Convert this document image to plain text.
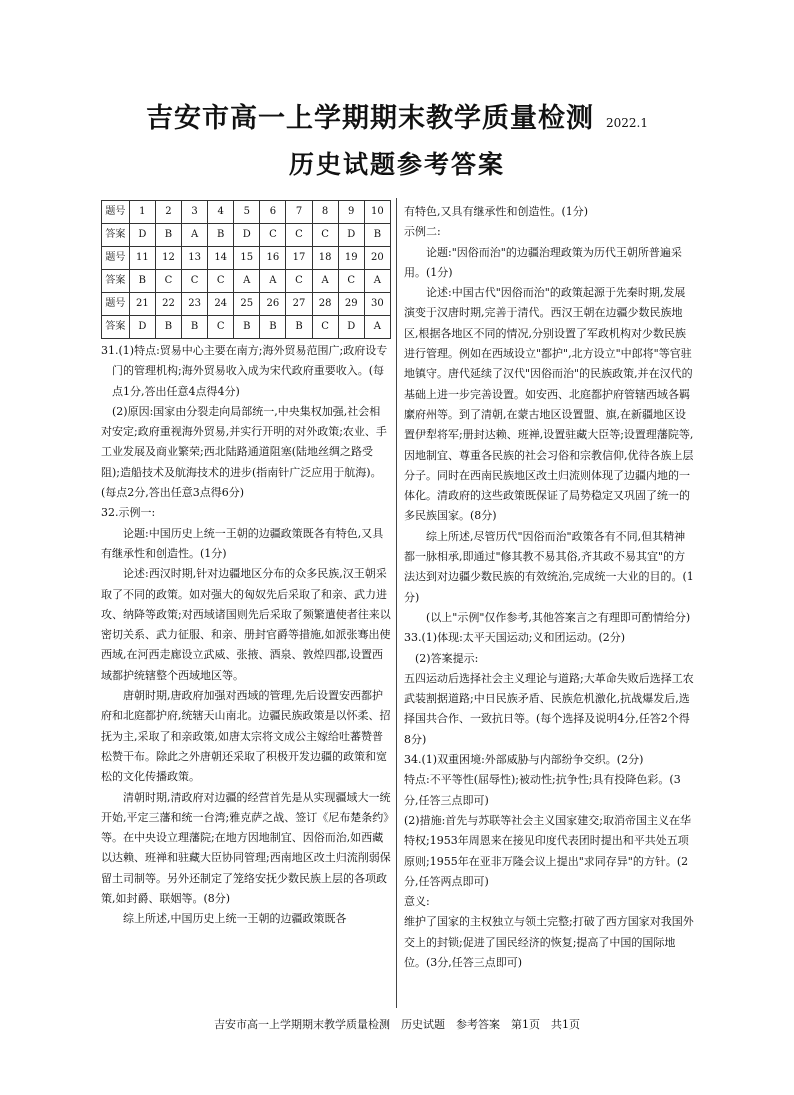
吉安市高一上学期期末教学质量检测 2022.1
历史试题参考答案
题号	1	2	3	4	5	6	7	8	9	10
答案	D	B	A	B	D	C	C	C	D	B
题号	11	12	13	14	15	16	17	18	19	20
答案	B	C	C	C	A	A	C	A	C	A
题号	21	22	23	24	25	26	27	28	29	30
答案	D	B	B	C	B	B	B	C	D	A

31.(1)特点:贸易中心主要在南方;海外贸易范围广;政府设专门的管理机构;海外贸易收入成为宋代政府重要收入。(每点1分,答出任意4点得4分)

(2)原因:国家由分裂走向局部统一,中央集权加强,社会相对安定;政府重视海外贸易,并实行开明的对外政策;农业、手工业发展及商业繁荣;西北陆路通道阻塞(陆地丝绸之路受阻);造船技术及航海技术的进步(指南针广泛应用于航海)。(每点2分,答出任意3点得6分)

32.示例一:

论题:中国历史上统一王朝的边疆政策既各有特色,又具有继承性和创造性。(1分)

论述:西汉时期,针对边疆地区分布的众多民族,汉王朝采取了不同的政策。如对强大的匈奴先后采取了和亲、武力进攻、纳降等政策;对西域诸国则先后采取了频繁遣使者往来以密切关系、武力征服、和亲、册封官爵等措施,如派张骞出使西域,在河西走廊设立武威、张掖、酒泉、敦煌四郡,设置西域都护统辖整个西域地区等。

唐朝时期,唐政府加强对西域的管理,先后设置安西都护府和北庭都护府,统辖天山南北。边疆民族政策是以怀柔、招抚为主,采取了和亲政策,如唐太宗将文成公主嫁给吐蕃赞普松赞干布。除此之外唐朝还采取了积极开发边疆的政策和宽松的文化传播政策。

清朝时期,清政府对边疆的经营首先是从实现疆域大一统开始,平定三藩和统一台湾;雅克萨之战、签订《尼布楚条约》等。在中央设立理藩院;在地方因地制宜、因俗而治,如西藏以达赖、班禅和驻藏大臣协同管理;西南地区改土归流削弱保留土司制等。另外还制定了笼络安抚少数民族上层的各项政策,如封爵、联姻等。(8分)

综上所述,中国历史上统一王朝的边疆政策既各

有特色,又具有继承性和创造性。(1分)

示例二:

论题:"因俗而治"的边疆治理政策为历代王朝所普遍采用。(1分)

论述:中国古代"因俗而治"的政策起源于先秦时期,发展演变于汉唐时期,完善于清代。西汉王朝在边疆少数民族地区,根据各地区不同的情况,分别设置了军政机构对少数民族进行管理。例如在西域设立"都护",北方设立"中郎将"等官驻地镇守。唐代延续了汉代"因俗而治"的民族政策,并在汉代的基础上进一步完善设置。如安西、北庭都护府管辖西域各羁縻府州等。到了清朝,在蒙古地区设置盟、旗,在新疆地区设置伊犁将军;册封达赖、班禅,设置驻藏大臣等;设置理藩院等,因地制宜、尊重各民族的社会习俗和宗教信仰,优待各族上层分子。同时在西南民族地区改土归流则体现了边疆内地的一体化。清政府的这些政策既保证了局势稳定又巩固了统一的多民族国家。(8分)

综上所述,尽管历代"因俗而治"政策各有不同,但其精神都一脉相承,即通过"修其教不易其俗,齐其政不易其宜"的方法达到对边疆少数民族的有效统治,完成统一大业的目的。(1分)

(以上"示例"仅作参考,其他答案言之有理即可酌情给分)

33.(1)体现:太平天国运动;义和团运动。(2分)

(2)答案提示:

五四运动后选择社会主义理论与道路;大革命失败后选择工农武装割据道路;中日民族矛盾、民族危机激化,抗战爆发后,选择国共合作、一致抗日等。(每个选择及说明4分,任答2个得8分)

34.(1)双重困境:外部威胁与内部纷争交织。(2分)

特点:不平等性(屈辱性);被动性;抗争性;具有投降色彩。(3分,任答三点即可)

(2)措施:首先与苏联等社会主义国家建交;取消帝国主义在华特权;1953年周恩来在接见印度代表团时提出和平共处五项原则;1955年在亚非万隆会议上提出"求同存异"的方针。(2分,任答两点即可)

意义:

维护了国家的主权独立与领土完整;打破了西方国家对我国外交上的封锁;促进了国民经济的恢复;提高了中国的国际地位。(3分,任答三点即可)

吉安市高一上学期期末教学质量检测　历史试题　参考答案　第1页　共1页
